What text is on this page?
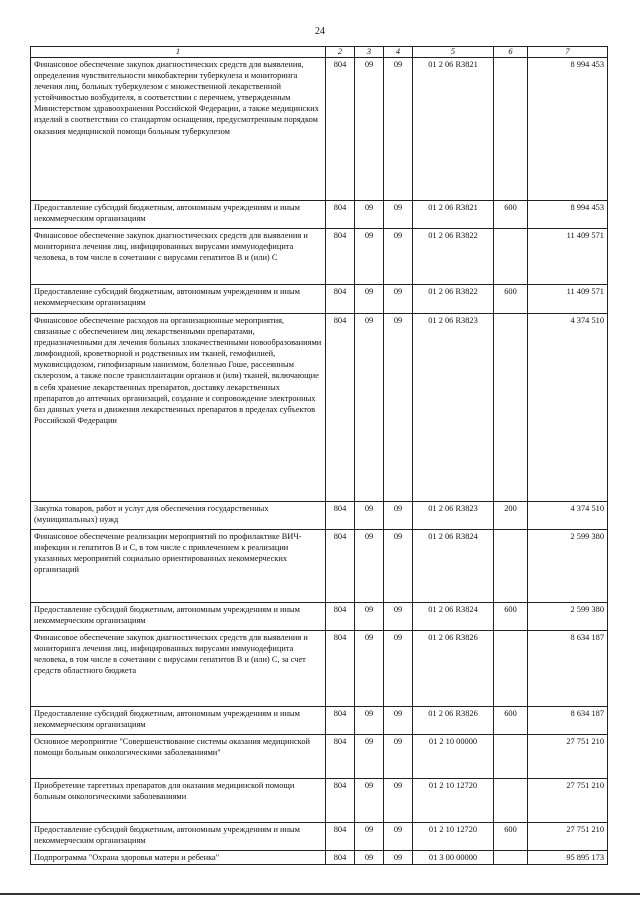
24
1	2	3	4	5	6	7
Финансовое обеспечение закупок диагностических средств для выявления, определения чувствительности микобактерии туберкулеза и мониторинга лечения лиц, больных туберкулезом с множественной лекарственной устойчивостью возбудителя, в соответствии с перечнем, утвержденным Министерством здравоохранения Российской Федерации, а также медицинских изделий в соответствии со стандартом оснащения, предусмотренным порядком оказания медицинской помощи больным туберкулезом	804	09	09	01 2 06 R3821		8 994 453
Предоставление субсидий бюджетным, автономным учреждениям и иным некоммерческим организациям	804	09	09	01 2 06 R3821	600	8 994 453
Финансовое обеспечение закупок диагностических средств для выявления и мониторинга лечения лиц, инфицированных вирусами иммунодефицита человека, в том числе в сочетании с вирусами гепатитов В и (или) С	804	09	09	01 2 06 R3822		11 409 571
Предоставление субсидий бюджетным, автономным учреждениям и иным некоммерческим организациям	804	09	09	01 2 06 R3822	600	11 409 571
Финансовое обеспечение расходов на организационные мероприятия, связанные с обеспечением лиц лекарственными препаратами, предназначенными для лечения больных злокачественными новообразованиями лимфоидной, кроветворной и родственных им тканей, гемофилией, муковисцидозом, гипофизарным нанизмом, болезнью Гоше, рассеянным склерозом, а также после трансплантации органов и (или) тканей, включающие в себя хранение лекарственных препаратов, доставку лекарственных препаратов до аптечных организаций, создание и сопровождение электронных баз данных учета и движения лекарственных препаратов в пределах субъектов Российской Федерации	804	09	09	01 2 06 R3823		4 374 510
Закупка товаров, работ и услуг для обеспечения государственных (муниципальных) нужд	804	09	09	01 2 06 R3823	200	4 374 510
Финансовое обеспечение реализации мероприятий по профилактике ВИЧ-инфекции и гепатитов В и С, в том числе с привлечением к реализации указанных мероприятий социально ориентированных некоммерческих организаций	804	09	09	01 2 06 R3824		2 599 380
Предоставление субсидий бюджетным, автономным учреждениям и иным некоммерческим организациям	804	09	09	01 2 06 R3824	600	2 599 380
Финансовое обеспечение закупок диагностических средств для выявления и мониторинга лечения лиц, инфицированных вирусами иммунодефицита человека, в том числе в сочетании с вирусами гепатитов В и (или) С, за счет средств областного бюджета	804	09	09	01 2 06 R3826		8 634 187
Предоставление субсидий бюджетным, автономным учреждениям и иным некоммерческим организациям	804	09	09	01 2 06 R3826	600	8 634 187
Основное мероприятие "Совершенствование системы оказания медицинской помощи больным онкологическими заболеваниями"	804	09	09	01 2 10 00000		27 751 210
Приобретение таргетных препаратов для оказания медицинской помощи больным онкологическими заболеваниями	804	09	09	01 2 10 12720		27 751 210
Предоставление субсидий бюджетным, автономным учреждениям и иным некоммерческим организациям	804	09	09	01 2 10 12720	600	27 751 210
Подпрограмма "Охрана здоровья матери и ребенка"	804	09	09	01 3 00 00000		95 895 173
